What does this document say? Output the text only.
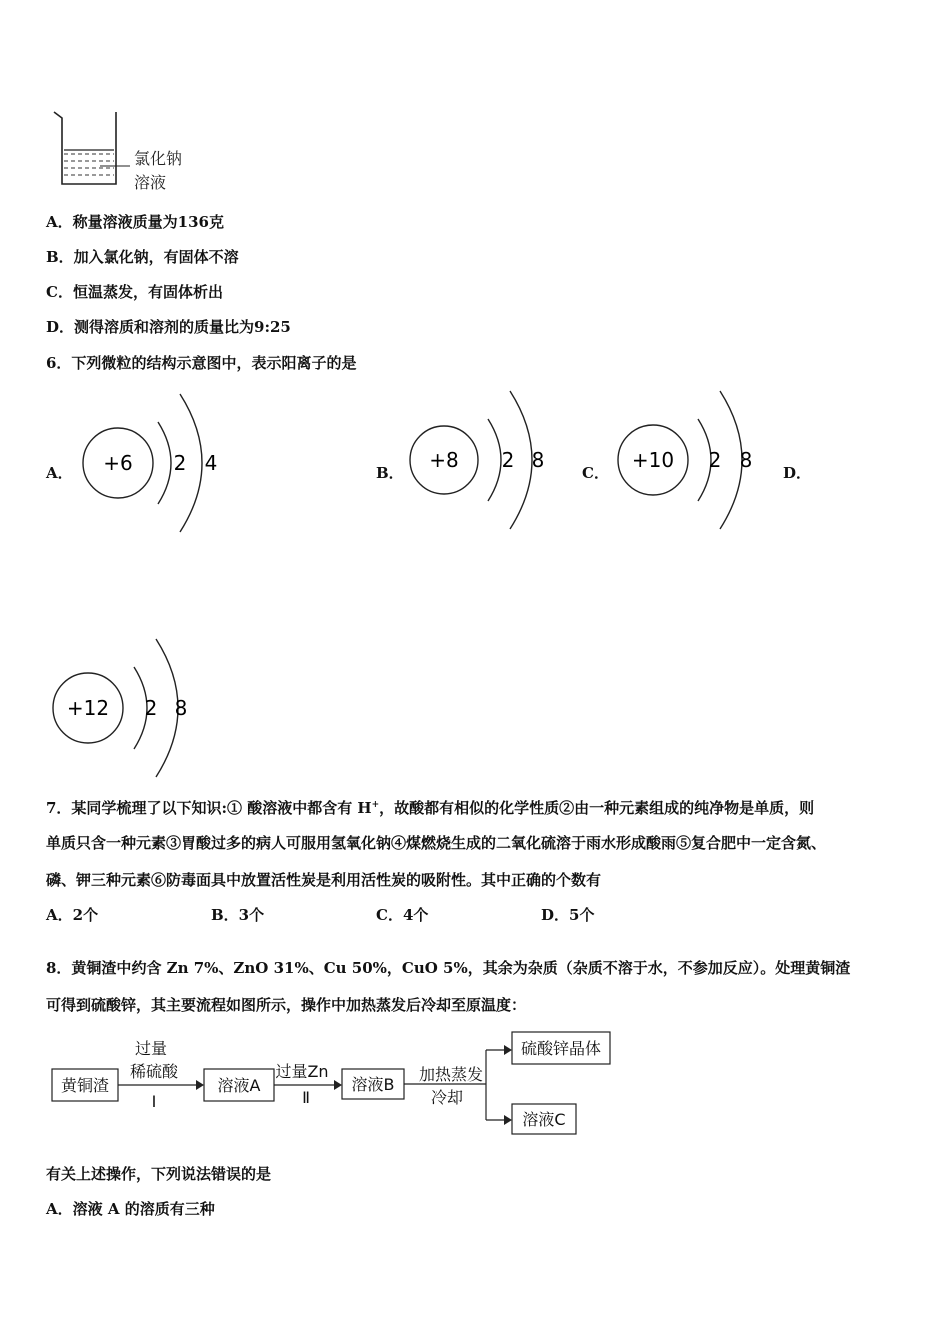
氯化钠
溶液
A．称量溶液质量为136克
B．加入氯化钠，有固体不溶
C．恒温蒸发，有固体析出
D．测得溶质和溶剂的质量比为9:25
6．下列微粒的结构示意图中，表示阳离子的是
A． +6 2 4	B．
+8 2 8
C．
+10 2 8
D．
+12 2 8
7．某同学梳理了以下知识:① 酸溶液中都含有 H+，故酸都有相似的化学性质②由一种元素组成的纯净物是单质，则
单质只含一种元素③胃酸过多的病人可服用氢氧化钠④煤燃烧生成的二氧化硫溶于雨水形成酸雨⑤复合肥中一定含氮、
磷、钾三种元素⑥防毒面具中放置活性炭是利用活性炭的吸附性。其中正确的个数有
A．2个	B．3个	C．4个	D．5个
8．黄铜渣中约含 Zn 7%、ZnO 31%、Cu 50%，CuO 5%，其余为杂质（杂质不溶于水，不参加反应）。处理黄铜渣
可得到硫酸锌，其主要流程如图所示，操作中加热蒸发后冷却至原温度：
黄铜渣
过量
稀硫酸
Ⅰ
溶液A
过量Zn
Ⅱ
溶液B
加热蒸发
冷却
硫酸锌晶体
溶液C
有关上述操作，下列说法错误的是
A．溶液 A 的溶质有三种
